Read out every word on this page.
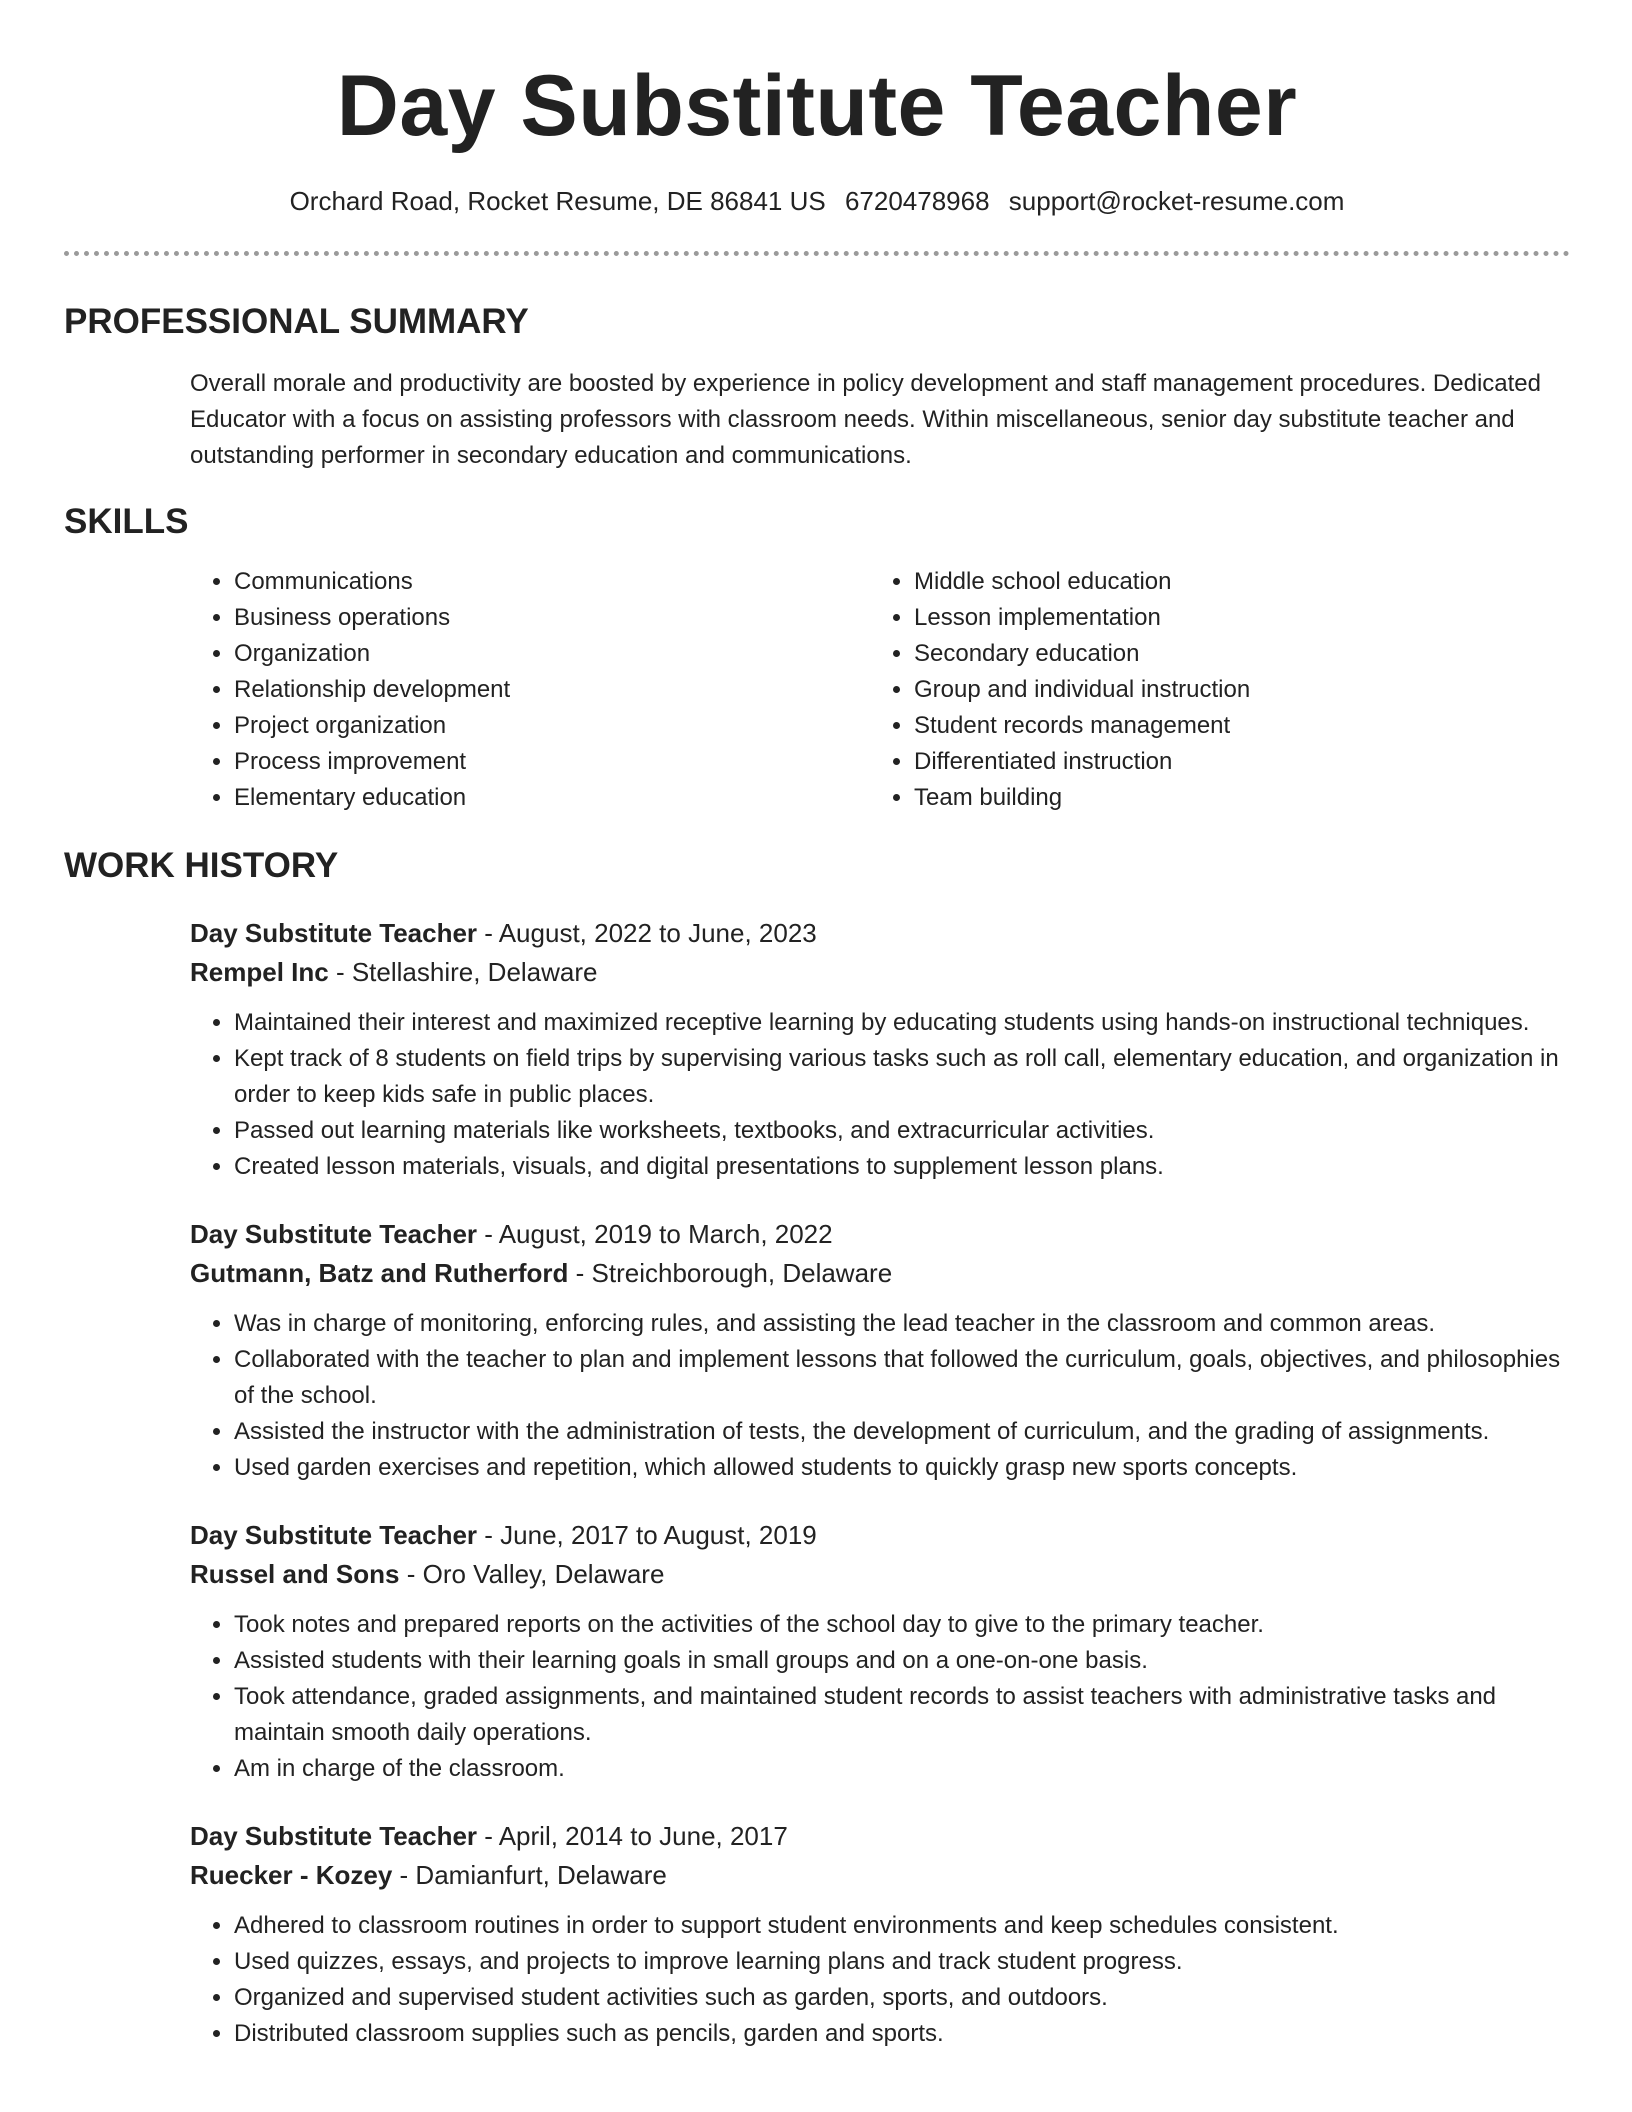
Day Substitute Teacher
Orchard Road, Rocket Resume, DE 86841 US 6720478968 support@rocket-resume.com
PROFESSIONAL SUMMARY

Overall morale and productivity are boosted by experience in policy development and staff management procedures. Dedicated Educator with a focus on assisting professors with classroom needs. Within miscellaneous, senior day substitute teacher and outstanding performer in secondary education and communications.

SKILLS
• Communications
• Business operations
• Organization
• Relationship development
• Project organization
• Process improvement
• Elementary education
• Middle school education
• Lesson implementation
• Secondary education
• Group and individual instruction
• Student records management
• Differentiated instruction
• Team building
WORK HISTORY
Day Substitute Teacher - August, 2022 to June, 2023
Rempel Inc - Stellashire, Delaware
• Maintained their interest and maximized receptive learning by educating students using hands-on instructional techniques.
• Kept track of 8 students on field trips by supervising various tasks such as roll call, elementary education, and organization in order to keep kids safe in public places.
• Passed out learning materials like worksheets, textbooks, and extracurricular activities.
• Created lesson materials, visuals, and digital presentations to supplement lesson plans.
Day Substitute Teacher - August, 2019 to March, 2022
Gutmann, Batz and Rutherford - Streichborough, Delaware
• Was in charge of monitoring, enforcing rules, and assisting the lead teacher in the classroom and common areas.
• Collaborated with the teacher to plan and implement lessons that followed the curriculum, goals, objectives, and philosophies of the school.
• Assisted the instructor with the administration of tests, the development of curriculum, and the grading of assignments.
• Used garden exercises and repetition, which allowed students to quickly grasp new sports concepts.
Day Substitute Teacher - June, 2017 to August, 2019
Russel and Sons - Oro Valley, Delaware
• Took notes and prepared reports on the activities of the school day to give to the primary teacher.
• Assisted students with their learning goals in small groups and on a one-on-one basis.
• Took attendance, graded assignments, and maintained student records to assist teachers with administrative tasks and maintain smooth daily operations.
• Am in charge of the classroom.
Day Substitute Teacher - April, 2014 to June, 2017
Ruecker - Kozey - Damianfurt, Delaware
• Adhered to classroom routines in order to support student environments and keep schedules consistent.
• Used quizzes, essays, and projects to improve learning plans and track student progress.
• Organized and supervised student activities such as garden, sports, and outdoors.
• Distributed classroom supplies such as pencils, garden and sports.
